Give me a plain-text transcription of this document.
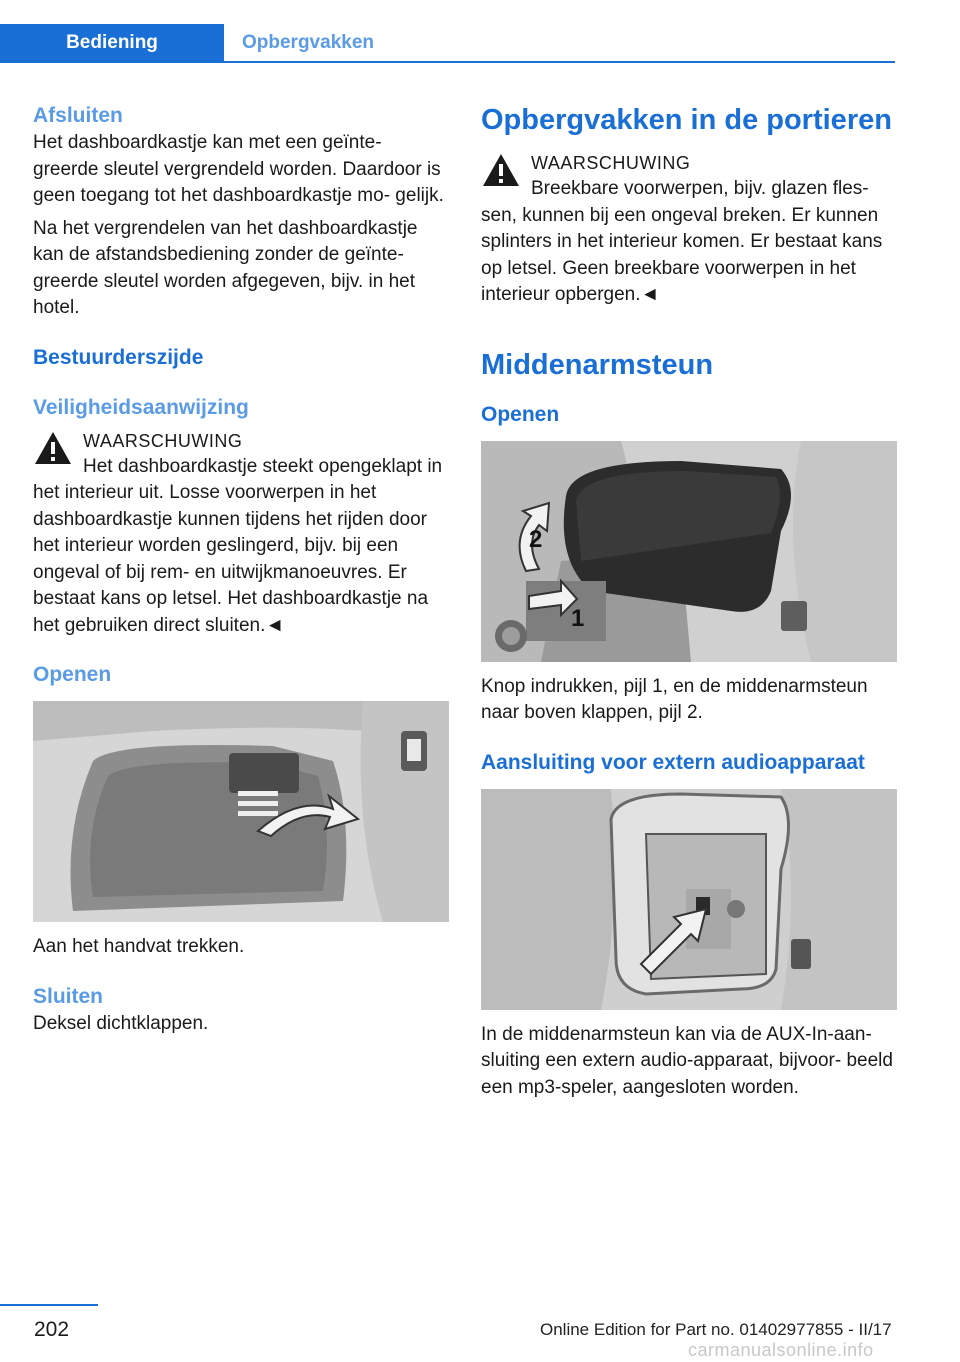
Bediening	Opbergvakken
Afsluiten

Het dashboardkastje kan met een geïnte- greerde sleutel vergrendeld worden. Daardoor is geen toegang tot het dashboardkastje mo- gelijk.

Na het vergrendelen van het dashboardkastje kan de afstandsbediening zonder de geïnte- greerde sleutel worden afgegeven, bijv. in het hotel.

Bestuurderszijde
Veiligheidsaanwijzing
WAARSCHUWING

Het dashboardkastje steekt opengeklapt in het interieur uit. Losse voorwerpen in het dashboardkastje kunnen tijdens het rijden door het interieur worden geslingerd, bijv. bij een ongeval of bij rem- en uitwijkmanoeuvres. Er bestaat kans op letsel. Het dashboardkastje na het gebruiken direct sluiten.◄

Openen

Aan het handvat trekken.

Sluiten

Deksel dichtklappen.

Opbergvakken in de portieren
WAARSCHUWING

Breekbare voorwerpen, bijv. glazen fles- sen, kunnen bij een ongeval breken. Er kunnen splinters in het interieur komen. Er bestaat kans op letsel. Geen breekbare voorwerpen in het interieur opbergen.◄

Middenarmsteun
Openen
1
2

Knop indrukken, pijl 1, en de middenarmsteun naar boven klappen, pijl 2.

Aansluiting voor extern audioapparaat

In de middenarmsteun kan via de AUX-In-aan- sluiting een extern audio-apparaat, bijvoor- beeld een mp3-speler, aangesloten worden.

202	Online Edition for Part no. 01402977855 - II/17
carmanualsonline.info
